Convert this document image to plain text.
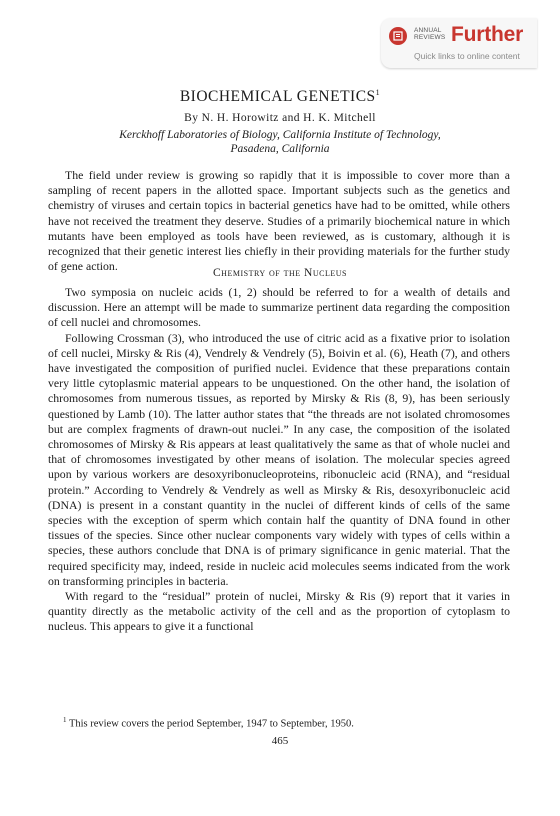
ANNUAL
REVIEWS Further
Quick links to online content
BIOCHEMICAL GENETICS$^1$
By N. H. Horowitz and H. K. Mitchell
Kerckhoff Laboratories of Biology, California Institute of Technology,
Pasadena, California

The field under review is growing so rapidly that it is impossible to cover more than a sampling of recent papers in the allotted space. Important subjects such as the genetics and chemistry of viruses and certain topics in bacterial genetics have had to be omitted, while others have not received the treatment they deserve. Studies of a primarily biochemical nature in which mutants have been employed as tools have been reviewed, as is customary, although it is recognized that their genetic interest lies chiefly in their providing materials for the further study of gene action.	Chemistry of the Nucleus

Two symposia on nucleic acids (1, 2) should be referred to for a wealth of details and discussion. Here an attempt will be made to summarize pertinent data regarding the composition of cell nuclei and chromosomes.

Following Crossman (3), who introduced the use of citric acid as a fixative prior to isolation of cell nuclei, Mirsky & Ris (4), Vendrely & Vendrely (5), Boivin et al. (6), Heath (7), and others have investigated the composition of purified nuclei. Evidence that these preparations contain very little cytoplasmic material appears to be unquestioned. On the other hand, the isolation of chromosomes from numerous tissues, as reported by Mirsky & Ris (8, 9), has been seriously questioned by Lamb (10). The latter author states that “the threads are not isolated chromosomes but are complex fragments of drawn-out nuclei.” In any case, the composition of the isolated chromosomes of Mirsky & Ris appears at least qualitatively the same as that of whole nuclei and that of chromosomes investigated by other means of isolation. The molecular species agreed upon by various workers are desoxyribonucleoproteins, ribonucleic acid (RNA), and “residual protein.” According to Vendrely & Vendrely as well as Mirsky & Ris, desoxyribonucleic acid (DNA) is present in a constant quantity in the nuclei of different kinds of cells of the same species with the exception of sperm which contain half the quantity of DNA found in other tissues of the species. Since other nuclear components vary widely with types of cells within a species, these authors conclude that DNA is of primary significance in genic material. That the required specificity may, indeed, reside in nucleic acid molecules seems indicated from the work on transforming principles in bacteria.

With regard to the “residual” protein of nuclei, Mirsky & Ris (9) report that it varies in quantity directly as the metabolic activity of the cell and as the proportion of cytoplasm to nucleus. This appears to give it a functional

$^1$ This review covers the period September, 1947 to September, 1950.
465
